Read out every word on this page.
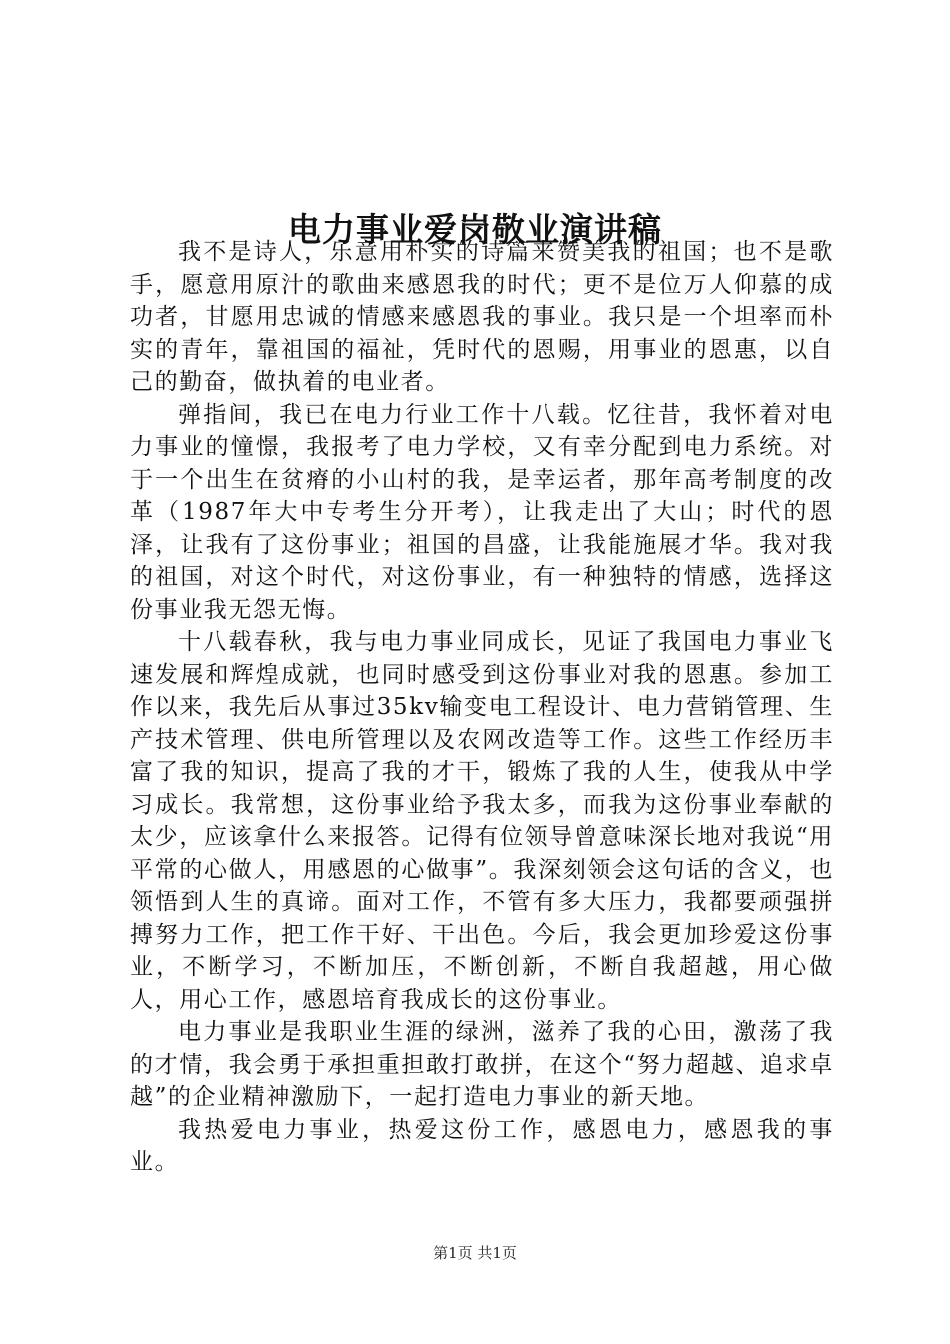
电力事业爱岗敬业演讲稿

我不是诗人，乐意用朴实的诗篇来赞美我的祖国；也不是歌手，愿意用原汁的歌曲来感恩我的时代；更不是位万人仰慕的成功者，甘愿用忠诚的情感来感恩我的事业。我只是一个坦率而朴实的青年，靠祖国的福祉，凭时代的恩赐，用事业的恩惠，以自己的勤奋，做执着的电业者。

弹指间，我已在电力行业工作十八载。忆往昔，我怀着对电力事业的憧憬，我报考了电力学校，又有幸分配到电力系统。对于一个出生在贫瘠的小山村的我，是幸运者，那年高考制度的改革（1987年大中专考生分开考），让我走出了大山；时代的恩泽，让我有了这份事业；祖国的昌盛，让我能施展才华。我对我的祖国，对这个时代，对这份事业，有一种独特的情感，选择这份事业我无怨无悔。

十八载春秋，我与电力事业同成长，见证了我国电力事业飞速发展和辉煌成就，也同时感受到这份事业对我的恩惠。参加工作以来，我先后从事过35kv输变电工程设计、电力营销管理、生产技术管理、供电所管理以及农网改造等工作。这些工作经历丰富了我的知识，提高了我的才干，锻炼了我的人生，使我从中学习成长。我常想，这份事业给予我太多，而我为这份事业奉献的太少，应该拿什么来报答。记得有位领导曾意味深长地对我说“用平常的心做人，用感恩的心做事”。我深刻领会这句话的含义，也领悟到人生的真谛。面对工作，不管有多大压力，我都要顽强拼搏努力工作，把工作干好、干出色。今后，我会更加珍爱这份事业，不断学习，不断加压，不断创新，不断自我超越，用心做人，用心工作，感恩培育我成长的这份事业。

电力事业是我职业生涯的绿洲，滋养了我的心田，激荡了我的才情，我会勇于承担重担敢打敢拼，在这个“努力超越、追求卓越”的企业精神激励下，一起打造电力事业的新天地。

我热爱电力事业，热爱这份工作，感恩电力，感恩我的事业。

第1页 共1页
